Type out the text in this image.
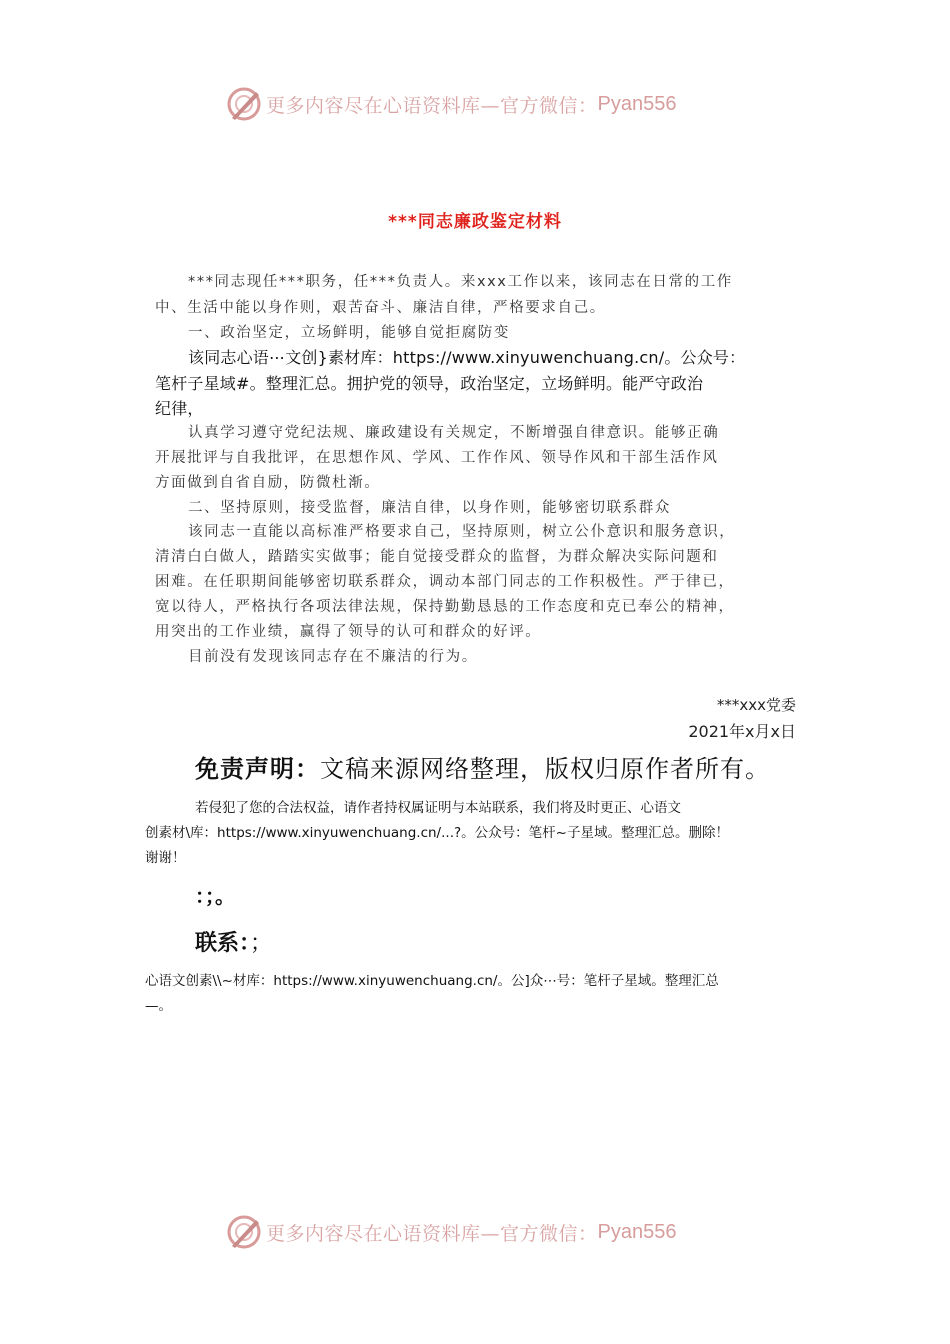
更多内容尽在心语资料库—官方微信： Pyan556
***同志廉政鉴定材料
***同志现任***职务，任***负责人。来xxx工作以来，该同志在日常的工作
中、生活中能以身作则，艰苦奋斗、廉洁自律，严格要求自己。
一、政治坚定，立场鲜明，能够自觉拒腐防变
该同志心语⋯文创}素材库：https://www.xinyuwenchuang.cn/。公众号：
笔杆子星域#。整理汇总。拥护党的领导，政治坚定，立场鲜明。能严守政治
纪律，
认真学习遵守党纪法规、廉政建设有关规定，不断增强自律意识。能够正确
开展批评与自我批评，在思想作风、学风、工作作风、领导作风和干部生活作风
方面做到自省自励，防微杜渐。
二、坚持原则，接受监督，廉洁自律，以身作则，能够密切联系群众
该同志一直能以高标准严格要求自己，坚持原则，树立公仆意识和服务意识，
清清白白做人，踏踏实实做事；能自觉接受群众的监督，为群众解决实际问题和
困难。在任职期间能够密切联系群众，调动本部门同志的工作积极性。严于律已，
宽以待人，严格执行各项法律法规，保持勤勤恳恳的工作态度和克已奉公的精神，
用突出的工作业绩，赢得了领导的认可和群众的好评。
目前没有发现该同志存在不廉洁的行为。
***xxx党委
2021年x月x日
免责声明：文稿来源网络整理，版权归原作者所有。
若侵犯了您的合法权益，请作者持权属证明与本站联系，我们将及时更正、心语文
创素材\库：https://www.xinyuwenchuang.cn/...?。公众号：笔杆~子星域。整理汇总。删除！
谢谢！
：；。
联系：；
心语文创素\\~材库：https://www.xinyuwenchuang.cn/。公]众⋯号：笔杆子星域。整理汇总
—。
更多内容尽在心语资料库—官方微信： Pyan556
